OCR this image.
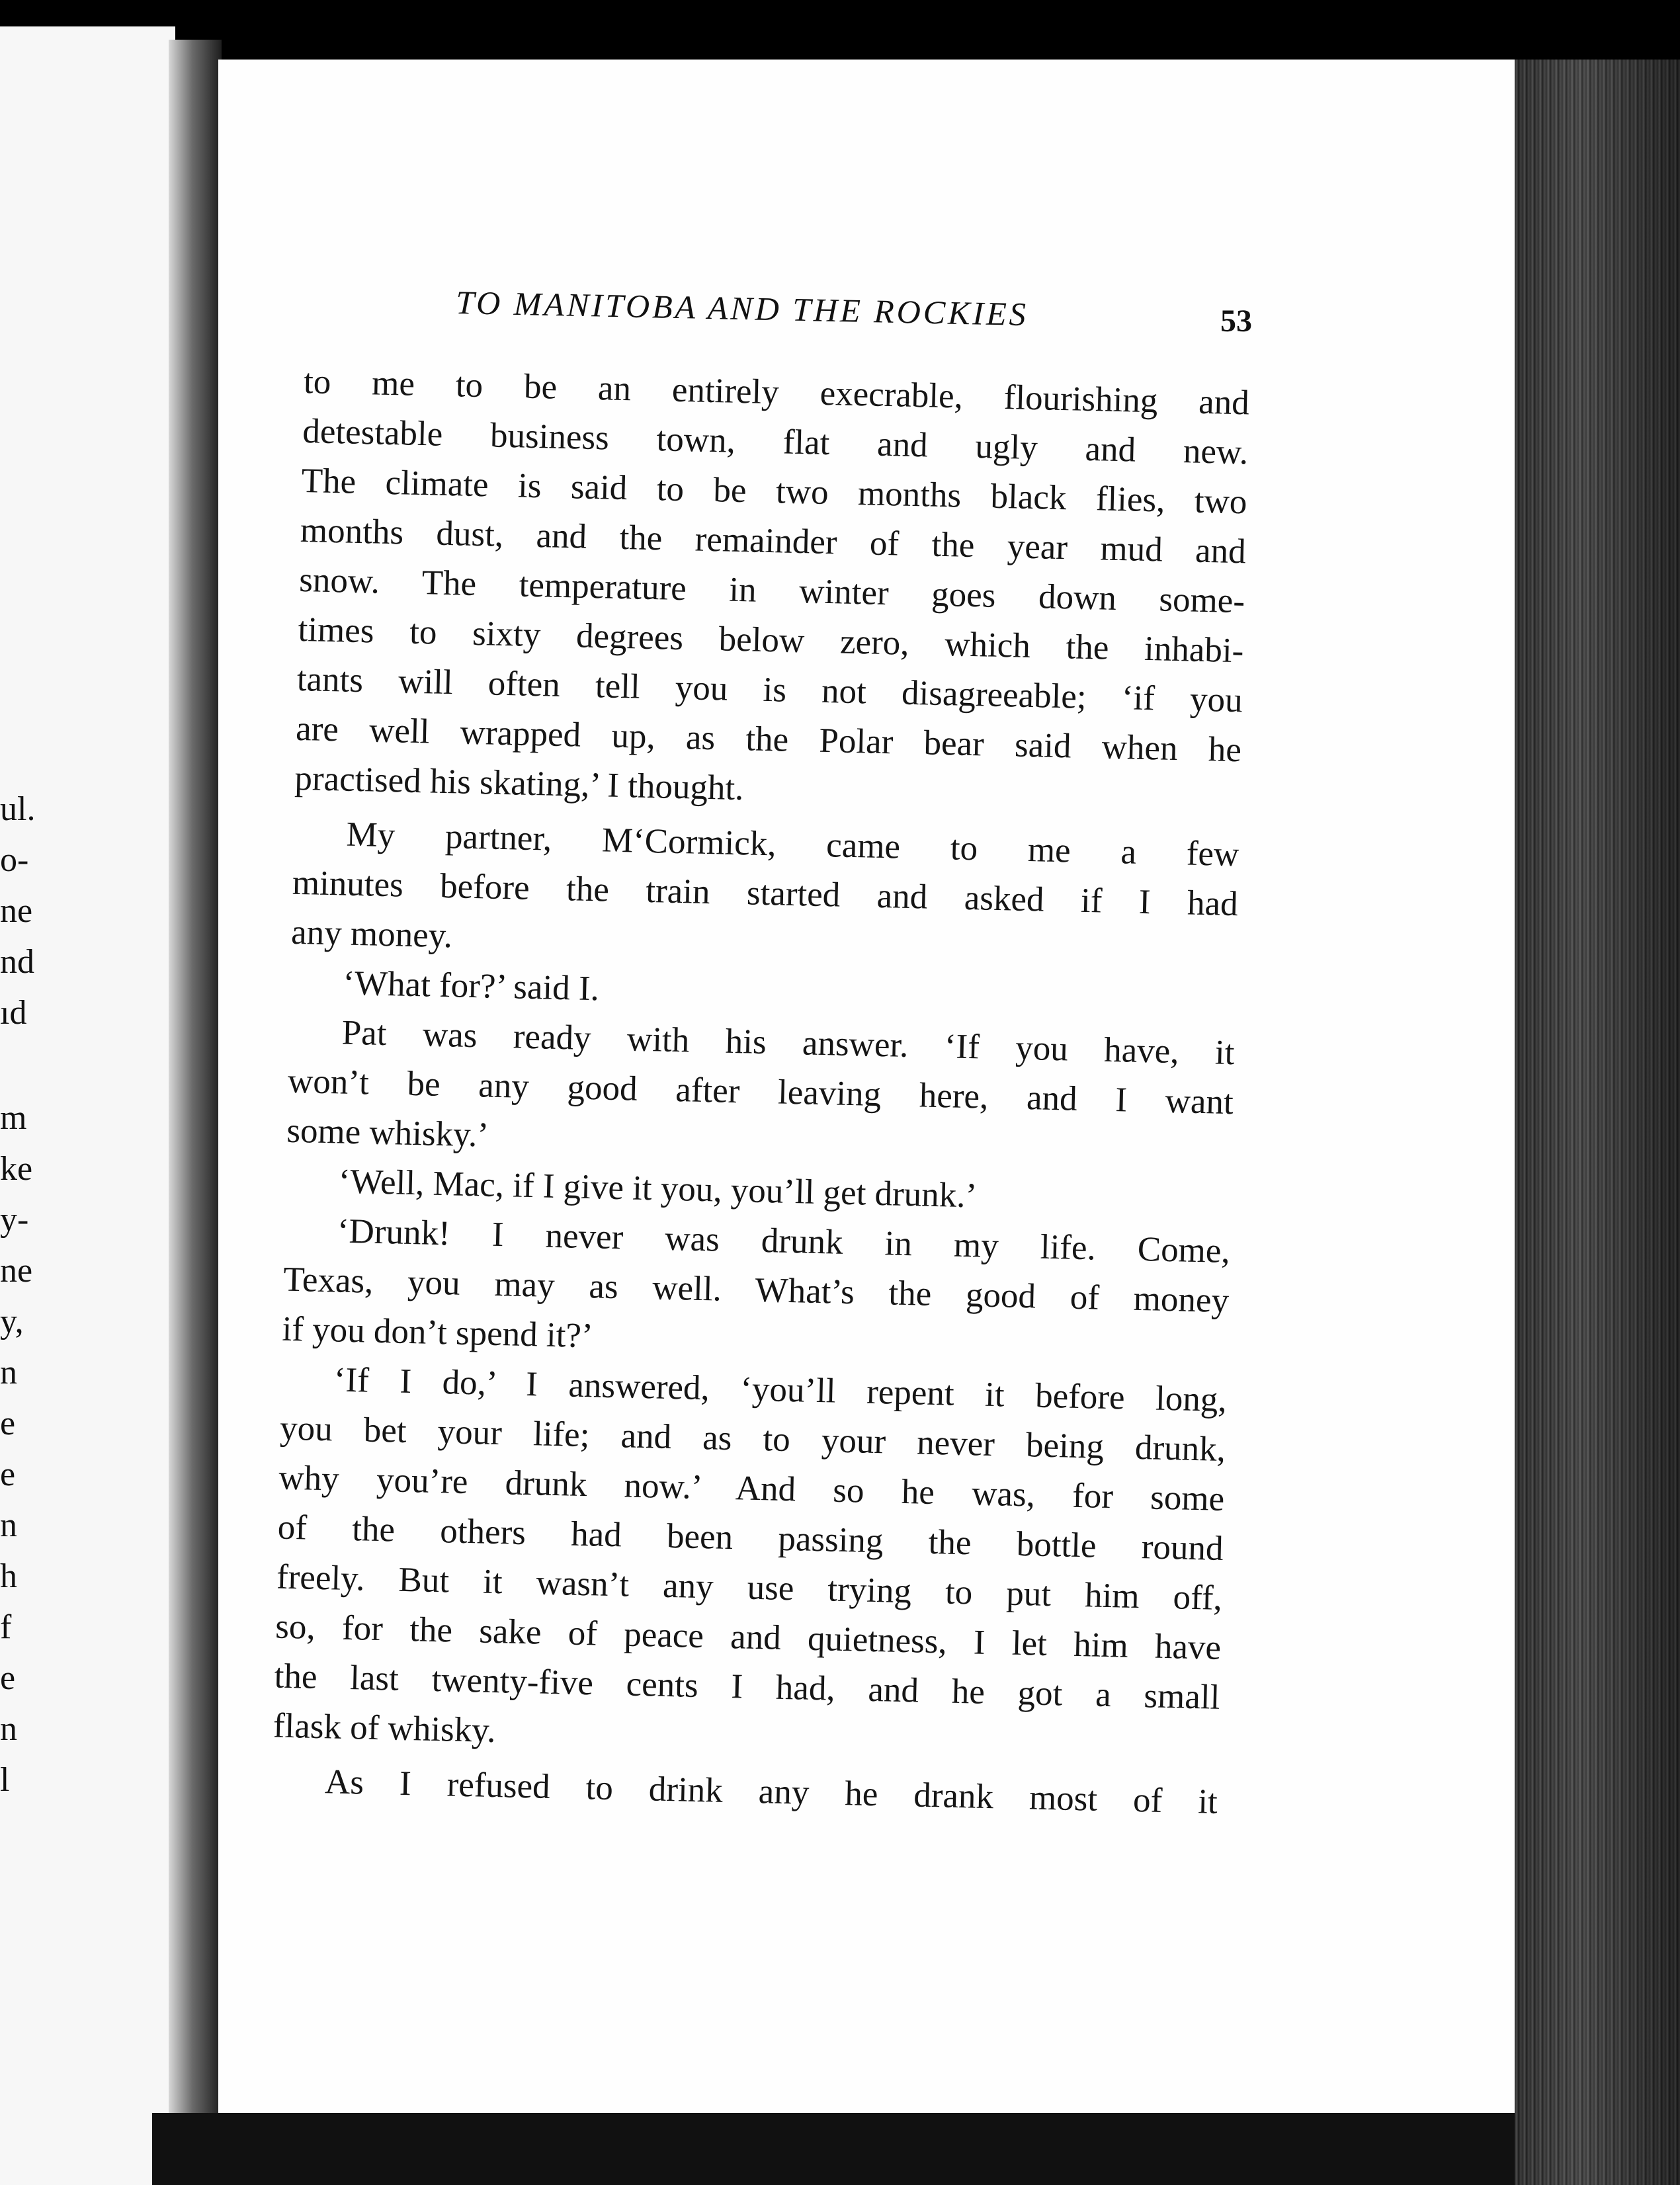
ul.
o-
ne
nd
ıd
m
ke
y-
ne
y,
n
e
e
n
h
f
e
n
l
TO MANITOBA AND THE ROCKIES	53
to me to be an entirely execrable, flourishing and
detestable business town, flat and ugly and new.
The climate is said to be two months black flies, two
months dust, and the remainder of the year mud and
snow. The temperature in winter goes down some-
times to sixty degrees below zero, which the inhabi-
tants will often tell you is not disagreeable; ‘if you
are well wrapped up, as the Polar bear said when he
practised his skating,’ I thought.
My partner, M‘Cormick, came to me a few
minutes before the train started and asked if I had
any money.
‘What for?’ said I.
Pat was ready with his answer. ‘If you have, it
won’t be any good after leaving here, and I want
some whisky.’
‘Well, Mac, if I give it you, you’ll get drunk.’
‘Drunk! I never was drunk in my life. Come,
Texas, you may as well. What’s the good of money
if you don’t spend it?’
‘If I do,’ I answered, ‘you’ll repent it before long,
you bet your life; and as to your never being drunk,
why you’re drunk now.’ And so he was, for some
of the others had been passing the bottle round
freely. But it wasn’t any use trying to put him off,
so, for the sake of peace and quietness, I let him have
the last twenty-five cents I had, and he got a small
flask of whisky.
As I refused to drink any he drank most of it
